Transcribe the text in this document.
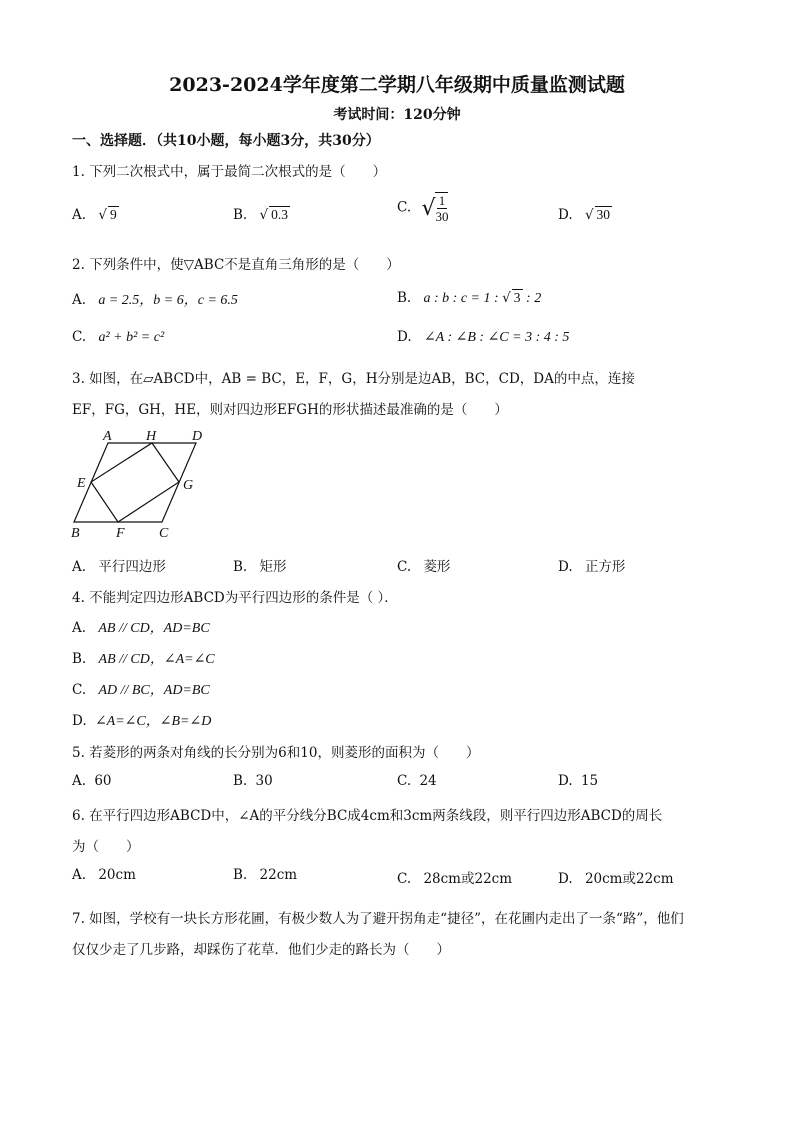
2023-2024学年度第二学期八年级期中质量监测试题
考试时间：120分钟
一、选择题．（共10小题，每小题3分，共30分）
1. 下列二次根式中，属于最简二次根式的是（　　）
A. √ 9	B. √ 0.3	C. √ $\frac{1}{30}$	D. √ 30
2. 下列条件中，使▽ABC不是直角三角形的是（　　）
A. a = 2.5，b = 6，c = 6.5	B. a : b : c = 1 : √ 3 : 2
C. a² + b² = c²	D. ∠A : ∠B : ∠C = 3 : 4 : 5
3. 如图，在▱ABCD中，AB = BC，E，F，G，H分别是边AB，BC，CD，DA的中点，连接
EF，FG，GH，HE，则对四边形EFGH的形状描述最准确的是（　　）
A H	D
E	G
B	F C
A. 平行四边形	B. 矩形	C. 菱形	D. 正方形
4. 不能判定四边形ABCD为平行四边形的条件是（ ）．
A. AB // CD，AD=BC
B. AB // CD，∠A=∠C
C. AD // BC，AD=BC
D. ∠A=∠C，∠B=∠D
5. 若菱形的两条对角线的长分别为6和10，则菱形的面积为（　　）
A. 60	B. 30	C. 24	D. 15
6. 在平行四边形ABCD中，∠A的平分线分BC成4cm和3cm两条线段，则平行四边形ABCD的周长
为（　　）
A. 20cm	B. 22cm	C. 28cm或22cm	D. 20cm或22cm
7. 如图，学校有一块长方形花圃，有极少数人为了避开拐角走“捷径”，在花圃内走出了一条“路”，他们
仅仅少走了几步路，却踩伤了花草．他们少走的路长为（　　）
